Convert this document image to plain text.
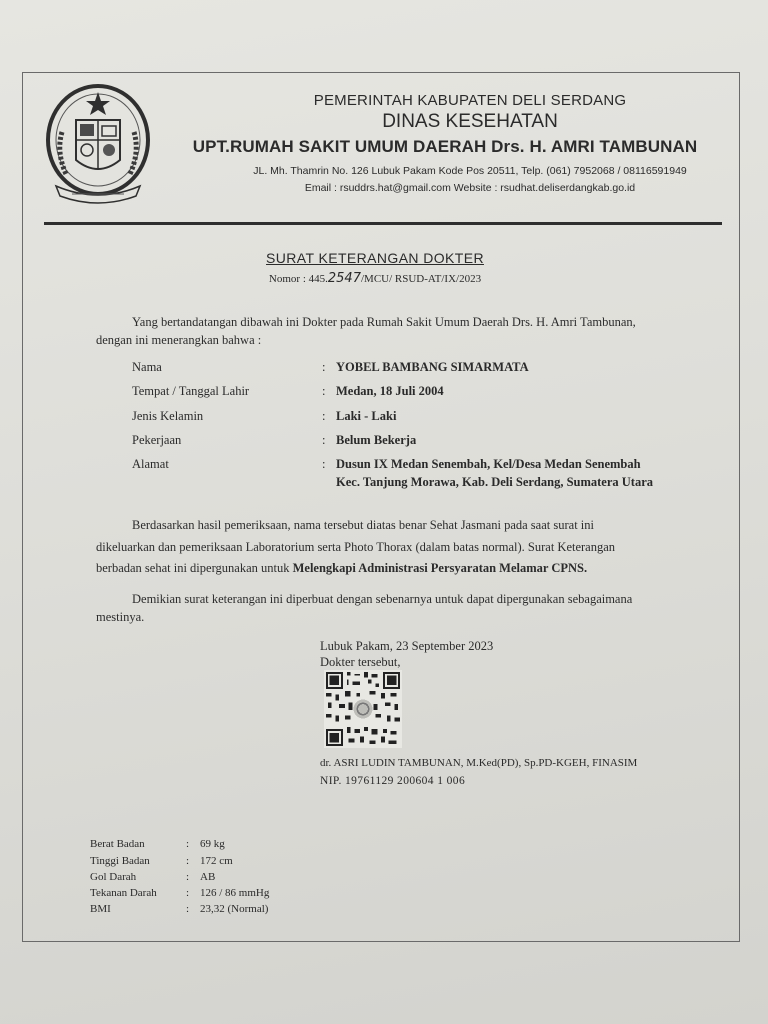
PEMERINTAH KABUPATEN DELI SERDANG
DINAS KESEHATAN
UPT.RUMAH SAKIT UMUM DAERAH Drs. H. AMRI TAMBUNAN
JL. Mh. Thamrin No. 126 Lubuk Pakam Kode Pos 20511, Telp. (061) 7952068 / 08116591949
Email : rsuddrs.hat@gmail.com Website : rsudhat.deliserdangkab.go.id
SURAT KETERANGAN DOKTER
Nomor : 445.2547/MCU/ RSUD-AT/IX/2023
Yang bertandatangan dibawah ini Dokter pada Rumah Sakit Umum Daerah Drs. H. Amri Tambunan,
dengan ini menerangkan bahwa :
Nama	: YOBEL BAMBANG SIMARMATA
Tempat / Tanggal Lahir	: Medan, 18 Juli 2004
Jenis Kelamin	: Laki - Laki
Pekerjaan	: Belum Bekerja
Alamat	: Dusun IX Medan Senembah, Kel/Desa Medan Senembah
Kec. Tanjung Morawa, Kab. Deli Serdang, Sumatera Utara
Berdasarkan hasil pemeriksaan, nama tersebut diatas benar Sehat Jasmani pada saat surat ini
dikeluarkan dan pemeriksaan Laboratorium serta Photo Thorax (dalam batas normal). Surat Keterangan
berbadan sehat ini dipergunakan untuk Melengkapi Administrasi Persyaratan Melamar CPNS.
Demikian surat keterangan ini diperbuat dengan sebenarnya untuk dapat dipergunakan sebagaimana
mestinya.
Lubuk Pakam, 23 September 2023
Dokter tersebut,
dr. ASRI LUDIN TAMBUNAN, M.Ked(PD), Sp.PD-KGEH, FINASIM
NIP. 19761129 200604 1 006
Berat Badan	: 69 kg
Tinggi Badan	: 172 cm
Gol Darah	: AB
Tekanan Darah	: 126 / 86 mmHg
BMI	: 23,32 (Normal)
